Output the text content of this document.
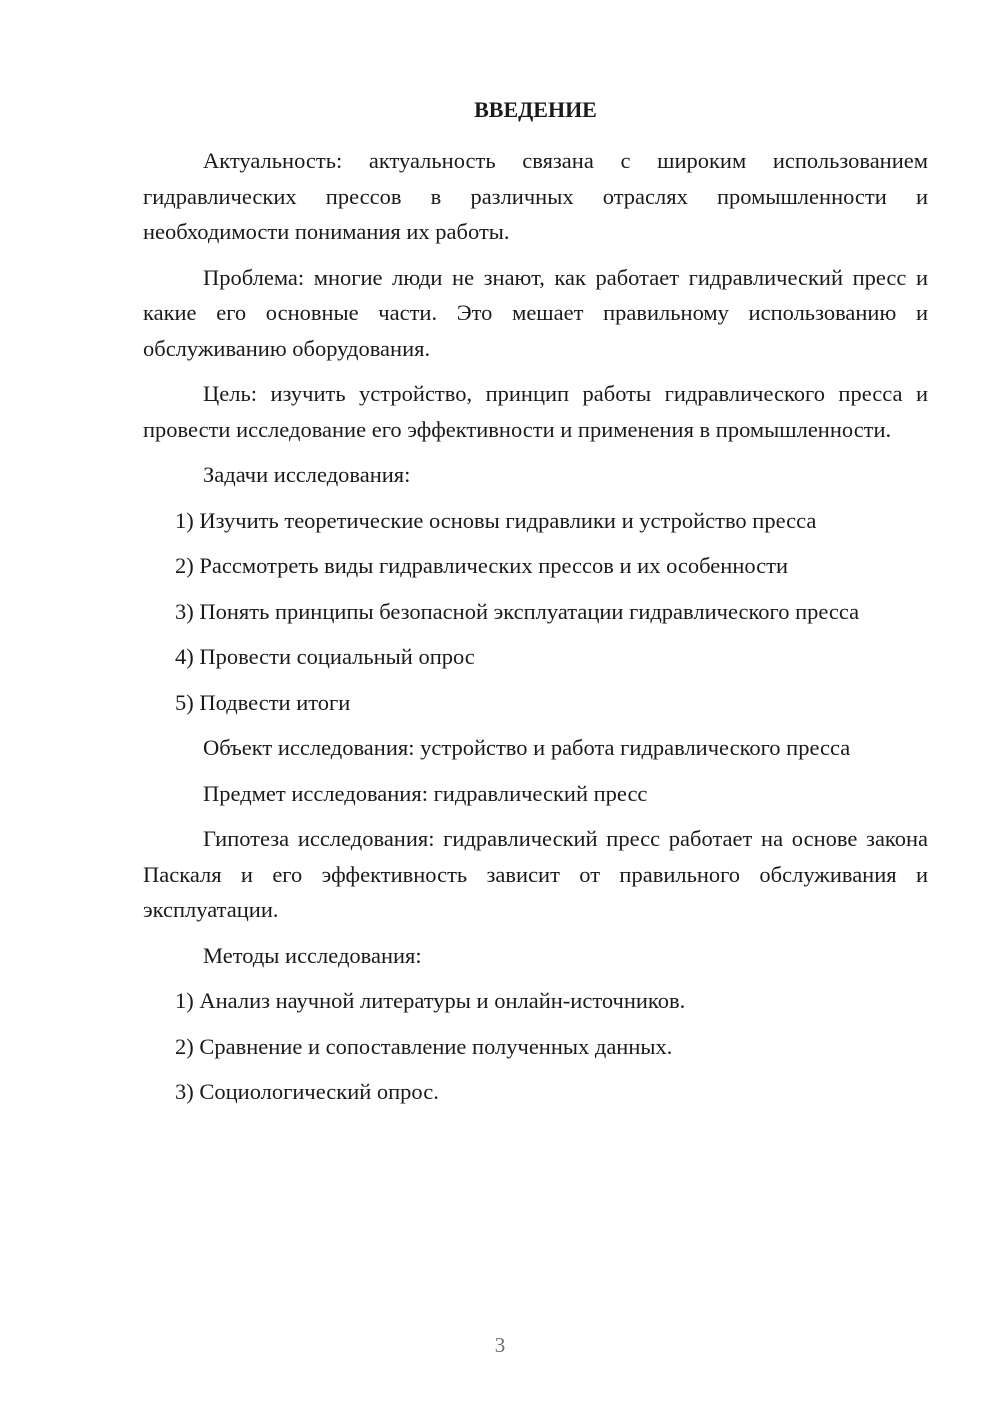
ВВЕДЕНИЕ

Актуальность: актуальность связана с широким использованием гидравлических прессов в различных отраслях промышленности и необходимости понимания их работы.

Проблема: многие люди не знают, как работает гидравлический пресс и какие его основные части. Это мешает правильному использованию и обслуживанию оборудования.

Цель: изучить устройство, принцип работы гидравлического пресса и провести исследование его эффективности и применения в промышленности.

Задачи исследования:

1) Изучить теоретические основы гидравлики и устройство пресса

2) Рассмотреть виды гидравлических прессов и их особенности

3) Понять принципы безопасной эксплуатации гидравлического пресса

4) Провести социальный опрос

5) Подвести итоги

Объект исследования: устройство и работа гидравлического пресса

Предмет исследования: гидравлический пресс

Гипотеза исследования: гидравлический пресс работает на основе закона Паскаля и его эффективность зависит от правильного обслуживания и эксплуатации.

Методы исследования:

1) Анализ научной литературы и онлайн-источников.

2) Сравнение и сопоставление полученных данных.

3) Социологический опрос.

3
